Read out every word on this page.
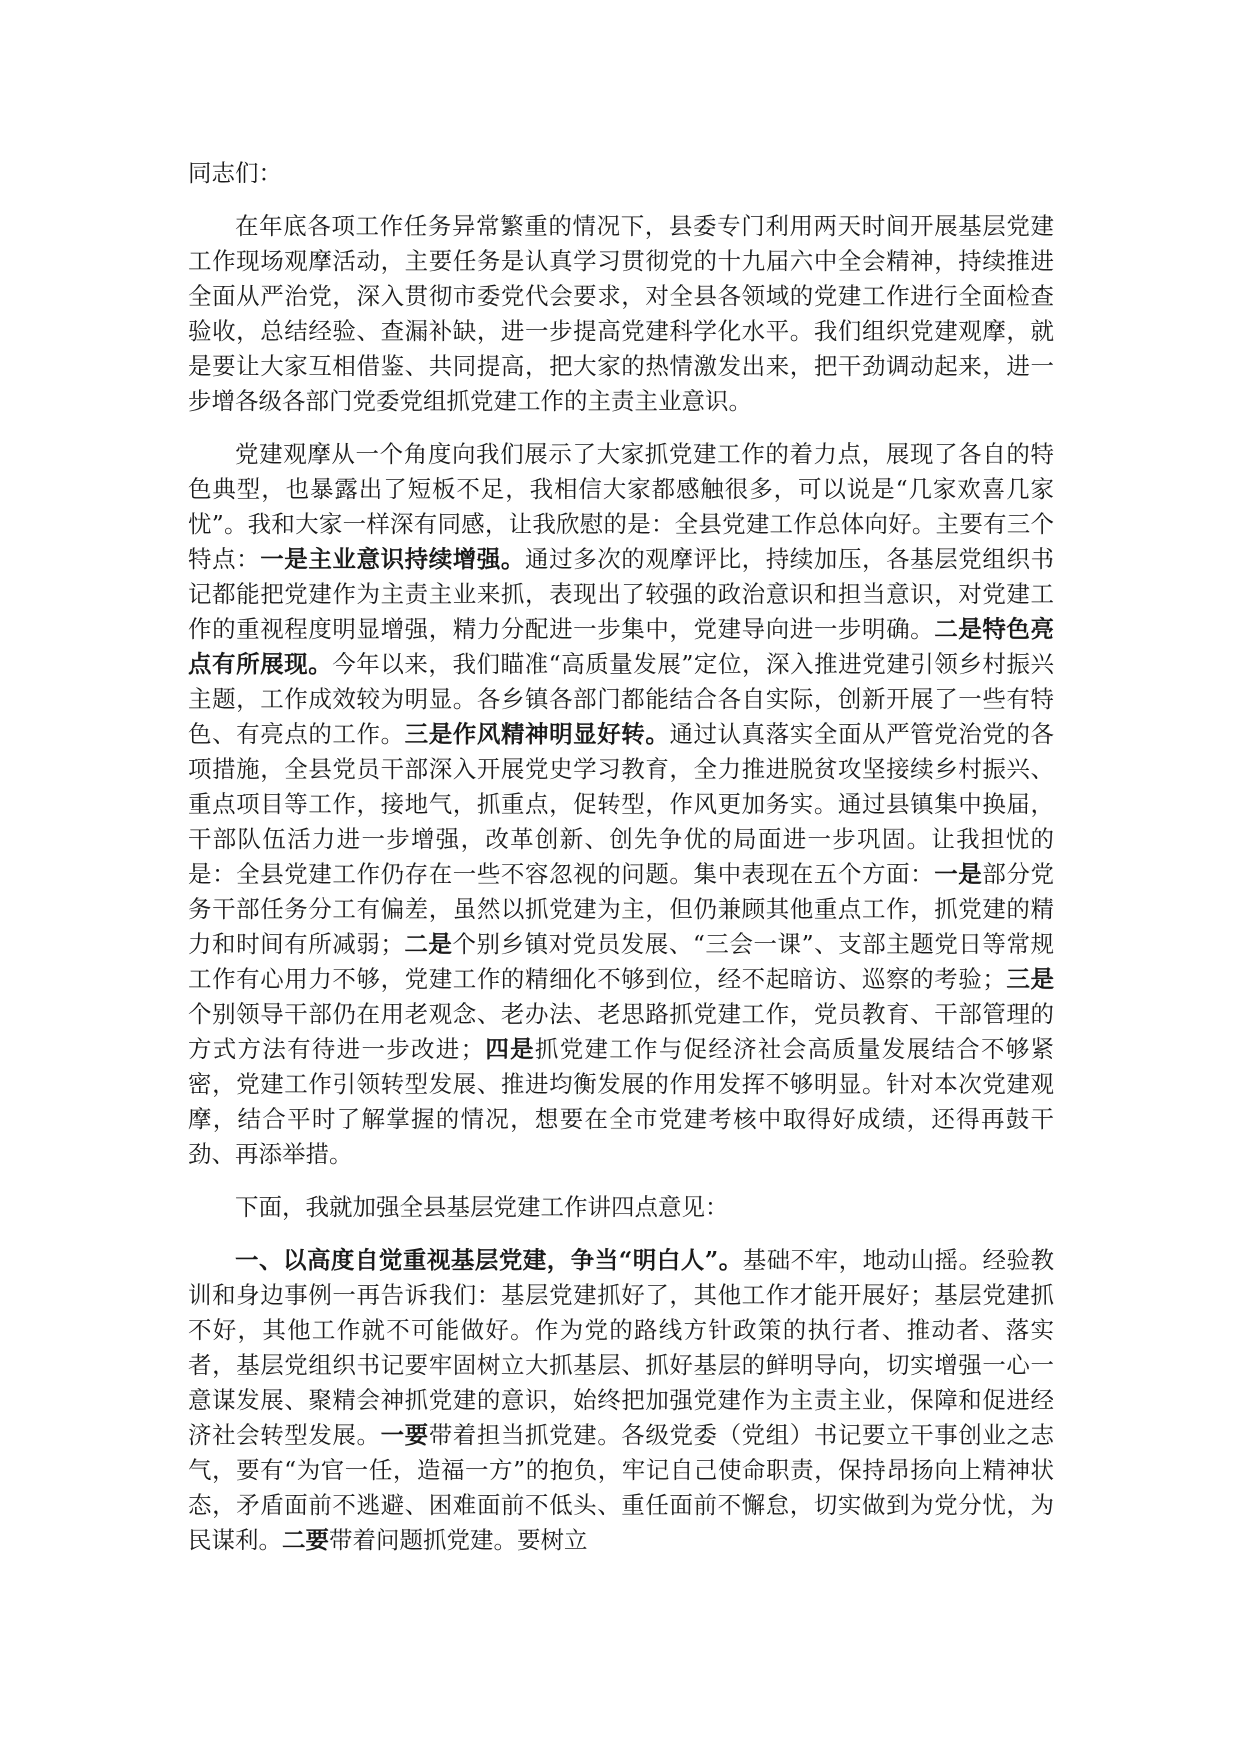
同志们：

在年底各项工作任务异常繁重的情况下，县委专门利用两天时间开展基层党建工作现场观摩活动，主要任务是认真学习贯彻党的十九届六中全会精神，持续推进全面从严治党，深入贯彻市委党代会要求，对全县各领域的党建工作进行全面检查验收，总结经验、查漏补缺，进一步提高党建科学化水平。我们组织党建观摩，就是要让大家互相借鉴、共同提高，把大家的热情激发出来，把干劲调动起来，进一步增各级各部门党委党组抓党建工作的主责主业意识。

党建观摩从一个角度向我们展示了大家抓党建工作的着力点，展现了各自的特色典型，也暴露出了短板不足，我相信大家都感触很多，可以说是“几家欢喜几家忧”。我和大家一样深有同感，让我欣慰的是：全县党建工作总体向好。主要有三个特点：一是主业意识持续增强。通过多次的观摩评比，持续加压，各基层党组织书记都能把党建作为主责主业来抓，表现出了较强的政治意识和担当意识，对党建工作的重视程度明显增强，精力分配进一步集中，党建导向进一步明确。二是特色亮点有所展现。今年以来，我们瞄准“高质量发展”定位，深入推进党建引领乡村振兴主题，工作成效较为明显。各乡镇各部门都能结合各自实际，创新开展了一些有特色、有亮点的工作。三是作风精神明显好转。通过认真落实全面从严管党治党的各项措施，全县党员干部深入开展党史学习教育，全力推进脱贫攻坚接续乡村振兴、重点项目等工作，接地气，抓重点，促转型，作风更加务实。通过县镇集中换届，干部队伍活力进一步增强，改革创新、创先争优的局面进一步巩固。让我担忧的是：全县党建工作仍存在一些不容忽视的问题。集中表现在五个方面：一是部分党务干部任务分工有偏差，虽然以抓党建为主，但仍兼顾其他重点工作，抓党建的精力和时间有所减弱；二是个别乡镇对党员发展、“三会一课”、支部主题党日等常规工作有心用力不够，党建工作的精细化不够到位，经不起暗访、巡察的考验；三是个别领导干部仍在用老观念、老办法、老思路抓党建工作，党员教育、干部管理的方式方法有待进一步改进；四是抓党建工作与促经济社会高质量发展结合不够紧密，党建工作引领转型发展、推进均衡发展的作用发挥不够明显。针对本次党建观摩，结合平时了解掌握的情况，想要在全市党建考核中取得好成绩，还得再鼓干劲、再添举措。

下面，我就加强全县基层党建工作讲四点意见：

一、以高度自觉重视基层党建，争当“明白人”。基础不牢，地动山摇。经验教训和身边事例一再告诉我们：基层党建抓好了，其他工作才能开展好；基层党建抓不好，其他工作就不可能做好。作为党的路线方针政策的执行者、推动者、落实者，基层党组织书记要牢固树立大抓基层、抓好基层的鲜明导向，切实增强一心一意谋发展、聚精会神抓党建的意识，始终把加强党建作为主责主业，保障和促进经济社会转型发展。一要带着担当抓党建。各级党委（党组）书记要立干事创业之志气，要有“为官一任，造福一方”的抱负，牢记自己使命职责，保持昂扬向上精神状态，矛盾面前不逃避、困难面前不低头、重任面前不懈怠，切实做到为党分忧，为民谋利。二要带着问题抓党建。要树立
